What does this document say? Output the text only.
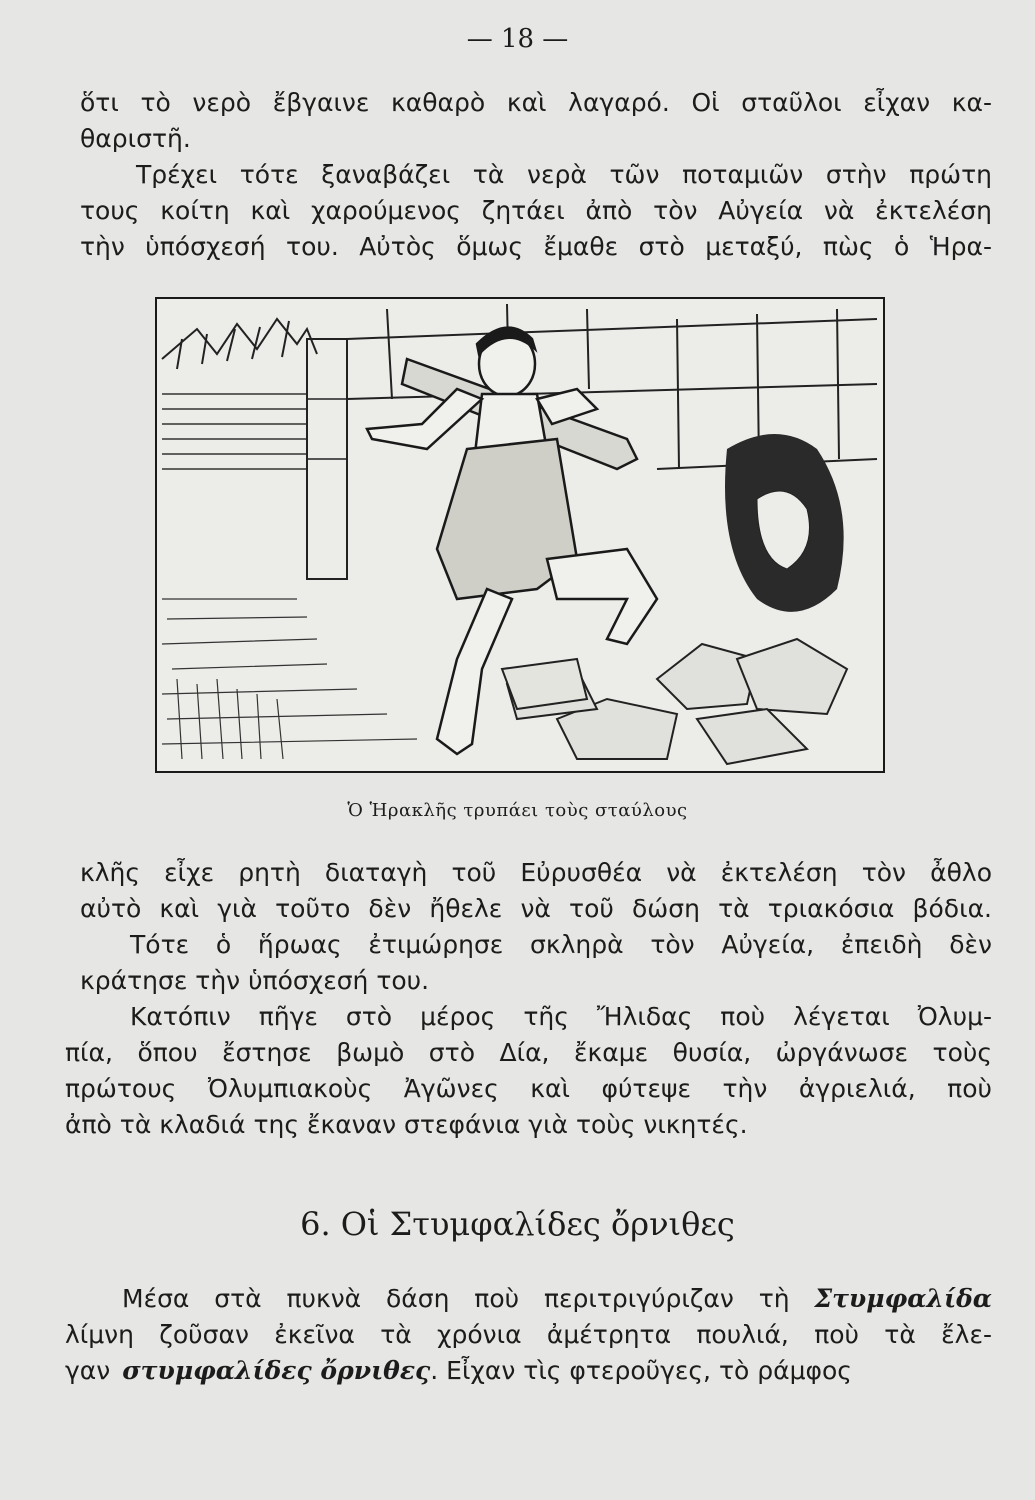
— 18 —
ὅτι τὸ νερὸ ἔβγαινε καθαρὸ καὶ λαγαρό. Οἱ σταῦλοι εἶχαν κα-
θαριστῆ.
Τρέχει τότε ξαναβάζει τὰ νερὰ τῶν ποταμιῶν στὴν πρώτη
τους κοίτη καὶ χαρούμενος ζητάει ἀπὸ τὸν Αὐγεία νὰ ἐκτελέση
τὴν ὑπόσχεσή του. Αὐτὸς ὅμως ἔμαθε στὸ μεταξύ, πὼς ὁ Ἡρα-
Ὁ Ἡρακλῆς τρυπάει τοὺς σταύλους
κλῆς εἶχε ρητὴ διαταγὴ τοῦ Εὐρυσθέα νὰ ἐκτελέση τὸν ἆθλο
αὐτὸ καὶ γιὰ τοῦτο δὲν ἤθελε νὰ τοῦ δώση τὰ τριακόσια βόδια.
Τότε ὁ ἥρωας ἐτιμώρησε σκληρὰ τὸν Αὐγεία, ἐπειδὴ δὲν
κράτησε τὴν ὑπόσχεσή του.
Κατόπιν πῆγε στὸ μέρος τῆς Ἤλιδας ποὺ λέγεται Ὀλυμ-
πία, ὅπου ἔστησε βωμὸ στὸ Δία, ἔκαμε θυσία, ὠργάνωσε τοὺς
πρώτους Ὀλυμπιακοὺς Ἀγῶνες καὶ φύτεψε τὴν ἀγριελιά, ποὺ
ἀπὸ τὰ κλαδιά της ἔκαναν στεφάνια γιὰ τοὺς νικητές.
6. Οἱ Στυμφαλίδες ὄρνιθες
Μέσα στὰ πυκνὰ δάση ποὺ περιτριγύριζαν τὴ Στυμφαλίδα
λίμνη ζοῦσαν ἐκεῖνα τὰ χρόνια ἀμέτρητα πουλιά, ποὺ τὰ ἔλε-
γαν στυμφαλίδες ὄρνιθες. Εἶχαν τὶς φτεροῦγες, τὸ ράμφος
